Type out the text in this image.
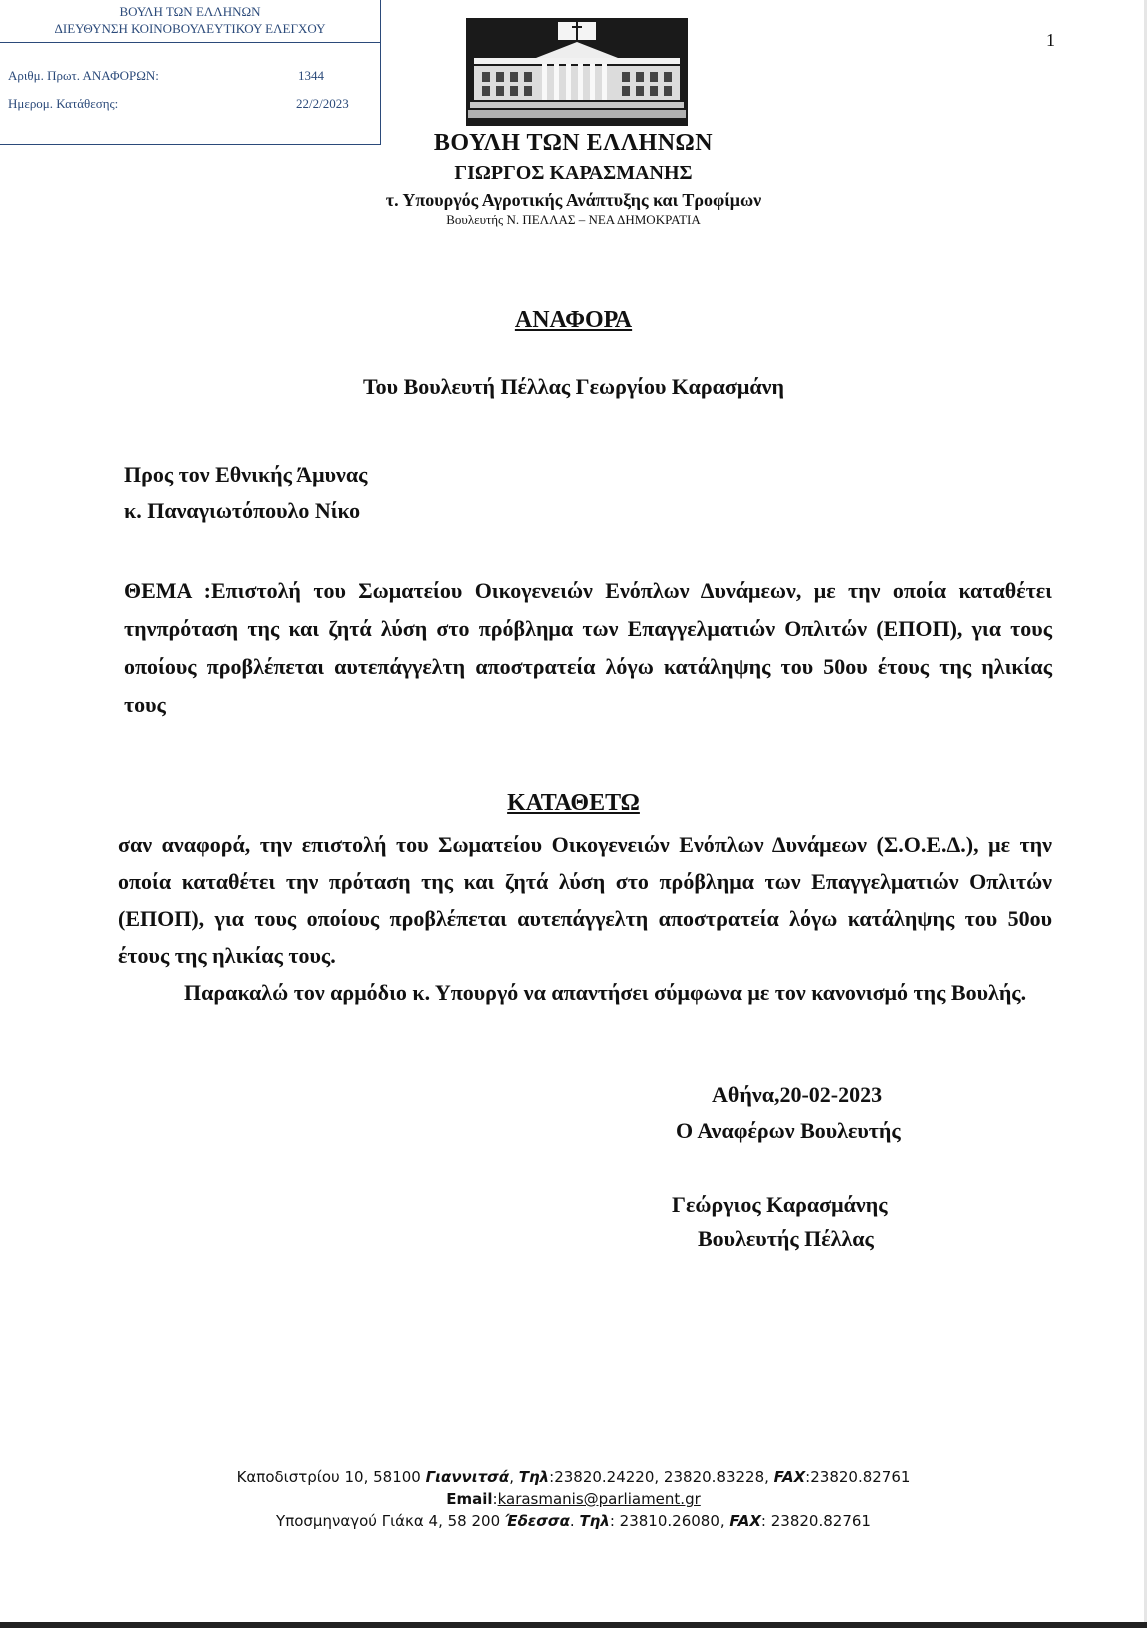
ΒΟΥΛΗ ΤΩΝ ΕΛΛΗΝΩΝ
ΔΙΕΥΘΥΝΣΗ ΚΟΙΝΟΒΟΥΛΕΥΤΙΚΟΥ ΕΛΕΓΧΟΥ
Αριθμ. Πρωτ. ΑΝΑΦΟΡΩΝ:	1344
Ημερομ. Κατάθεσης:	22/2/2023
1
ΒΟΥΛΗ ΤΩΝ ΕΛΛΗΝΩΝ
ΓΙΩΡΓΟΣ ΚΑΡΑΣΜΑΝΗΣ
τ. Υπουργός Αγροτικής Ανάπτυξης και Τροφίμων
Βουλευτής Ν. ΠΕΛΛΑΣ – ΝΕΑ ΔΗΜΟΚΡΑΤΙΑ
ΑΝΑΦΟΡΑ
Του Βουλευτή Πέλλας Γεωργίου Καρασμάνη
Προς τον Εθνικής Άμυνας
κ. Παναγιωτόπουλο Νίκο
ΘΕΜΑ :Επιστολή του Σωματείου Οικογενειών Ενόπλων Δυνάμεων, με την οποία καταθέτει τηνπρόταση της και ζητά λύση στο πρόβλημα των Επαγγελματιών Οπλιτών (ΕΠΟΠ), για τους οποίους προβλέπεται αυτεπάγγελτη αποστρατεία λόγω κατάληψης του 50ου έτους της ηλικίας τους
ΚΑΤΑΘΕΤΩ

σαν αναφορά, την επιστολή του Σωματείου Οικογενειών Ενόπλων Δυνάμεων (Σ.Ο.Ε.Δ.), με την οποία καταθέτει την πρόταση της και ζητά λύση στο πρόβλημα των Επαγγελματιών Οπλιτών (ΕΠΟΠ), για τους οποίους προβλέπεται αυτεπάγγελτη αποστρατεία λόγω κατάληψης του 50ου έτους της ηλικίας τους.

Παρακαλώ τον αρμόδιο κ. Υπουργό να απαντήσει σύμφωνα με τον κανονισμό της Βουλής.

Αθήνα,20-02-2023
Ο Αναφέρων Βουλευτής
Γεώργιος Καρασμάνης
Βουλευτής Πέλλας
Καποδιστρίου 10, 58100 Γιαννιτσά, Τηλ:23820.24220, 23820.83228, FAX:23820.82761
Email:karasmanis@parliament.gr
Υποσμηναγού Γιάκα 4, 58 200 Έδεσσα. Τηλ: 23810.26080, FAX: 23820.82761
